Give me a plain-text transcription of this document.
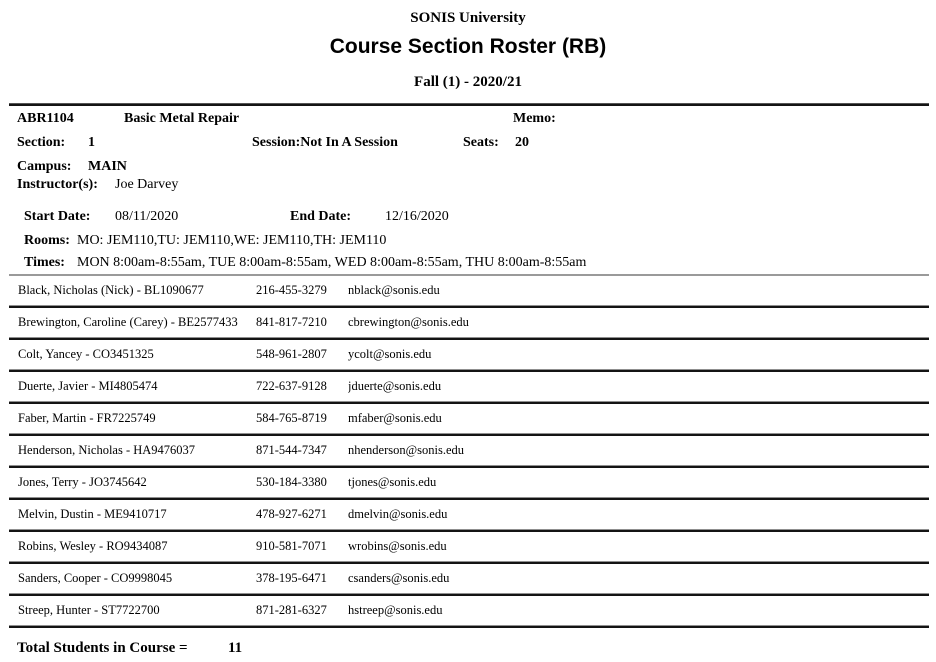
SONIS University
Course Section Roster (RB)
Fall (1) - 2020/21
ABR1104	Basic Metal Repair	Memo:
Section: 1	Session:Not In A Session	Seats: 20
Campus: MAIN
Instructor(s): Joe Darvey
Start Date: 08/11/2020	End Date: 12/16/2020
Rooms: MO: JEM110,TU: JEM110,WE: JEM110,TH: JEM110
Times: MON 8:00am-8:55am, TUE 8:00am-8:55am, WED 8:00am-8:55am, THU 8:00am-8:55am
Black, Nicholas (Nick) - BL1090677	216-455-3279	nblack@sonis.edu
Brewington, Caroline (Carey) - BE2577433	841-817-7210	cbrewington@sonis.edu
Colt, Yancey - CO3451325	548-961-2807	ycolt@sonis.edu
Duerte, Javier - MI4805474	722-637-9128	jduerte@sonis.edu
Faber, Martin - FR7225749	584-765-8719	mfaber@sonis.edu
Henderson, Nicholas - HA9476037	871-544-7347	nhenderson@sonis.edu
Jones, Terry - JO3745642	530-184-3380	tjones@sonis.edu
Melvin, Dustin - ME9410717	478-927-6271	dmelvin@sonis.edu
Robins, Wesley - RO9434087	910-581-7071	wrobins@sonis.edu
Sanders, Cooper - CO9998045	378-195-6471	csanders@sonis.edu
Streep, Hunter - ST7722700	871-281-6327	hstreep@sonis.edu
Total Students in Course =	11
